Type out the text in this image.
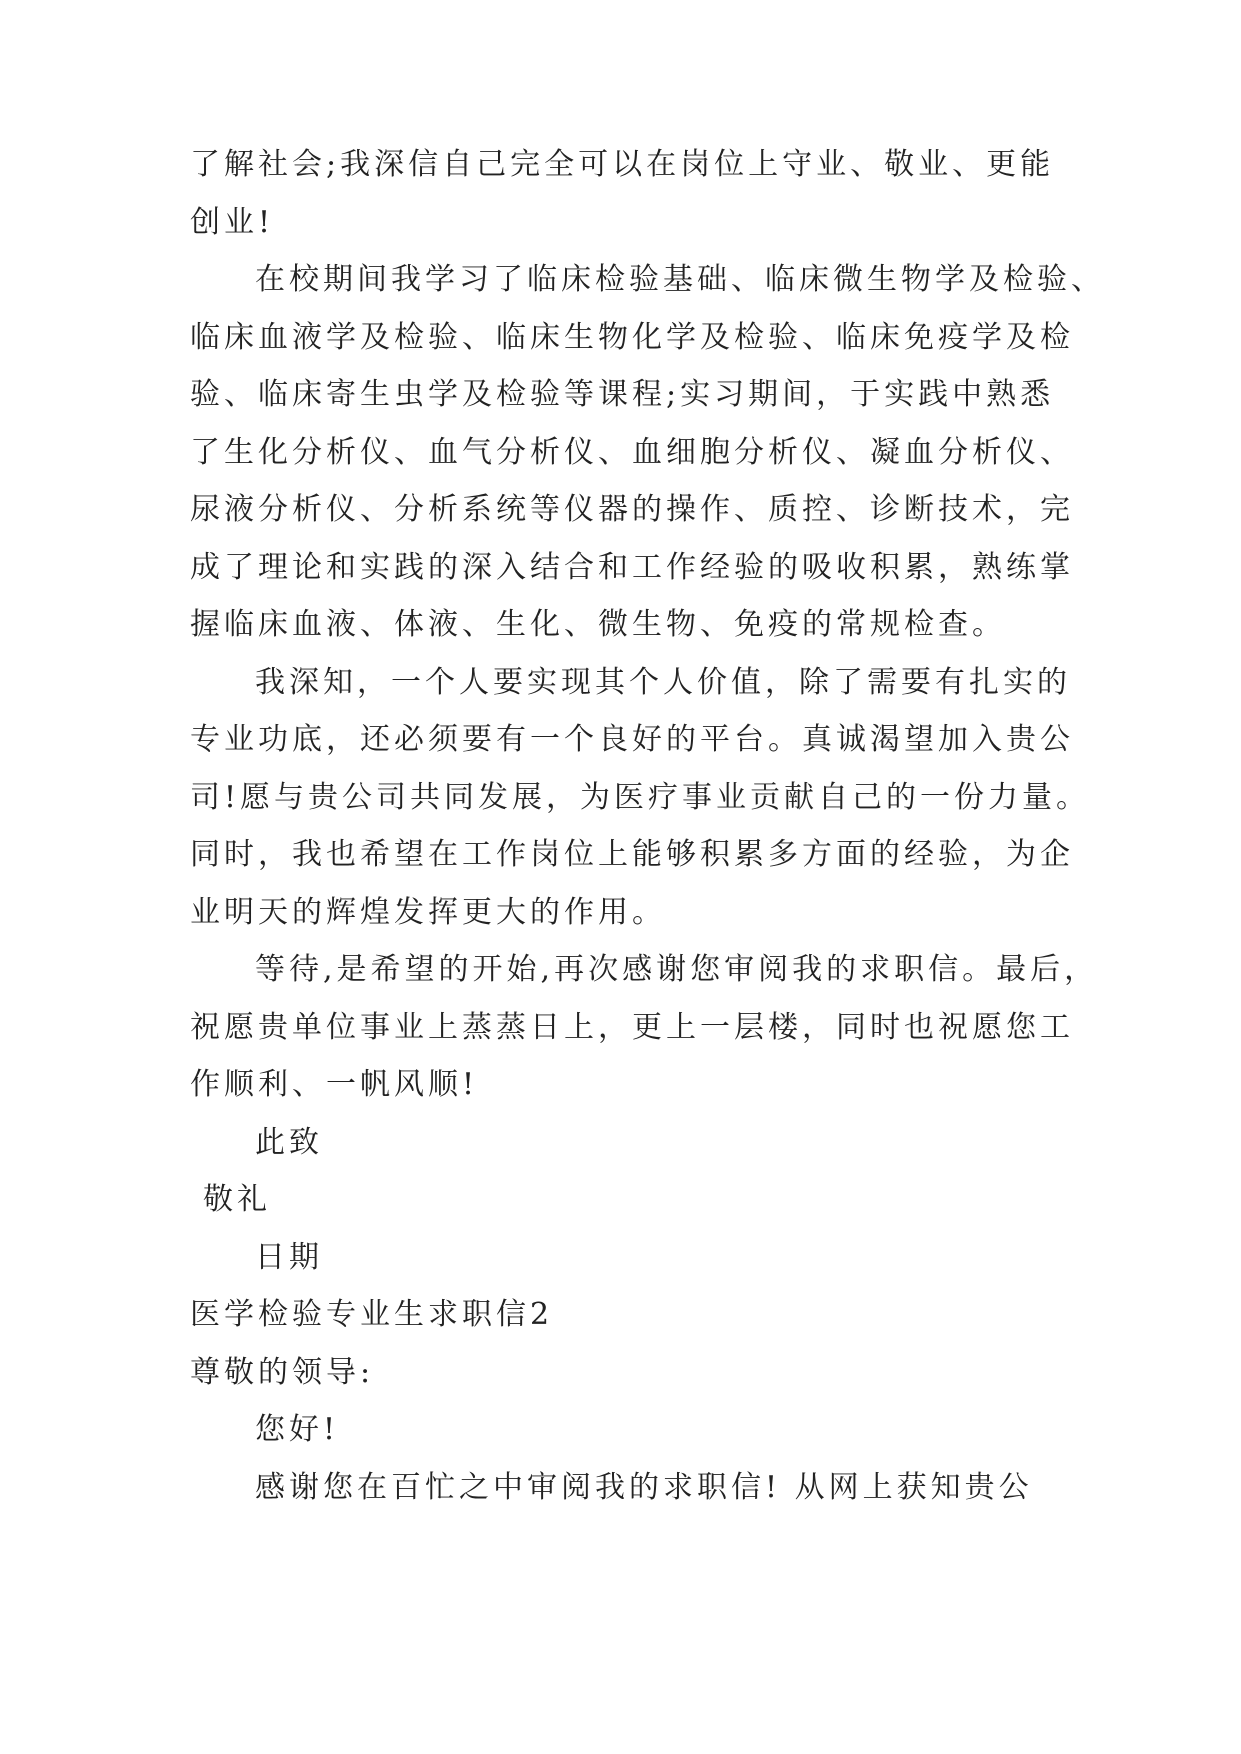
了解社会;我深信自己完全可以在岗位上守业、敬业、更能
创业!
在校期间我学习了临床检验基础、临床微生物学及检验、
临床血液学及检验、临床生物化学及检验、临床免疫学及检
验、临床寄生虫学及检验等课程;实习期间，于实践中熟悉
了生化分析仪、血气分析仪、血细胞分析仪、凝血分析仪、
尿液分析仪、分析系统等仪器的操作、质控、诊断技术，完
成了理论和实践的深入结合和工作经验的吸收积累，熟练掌
握临床血液、体液、生化、微生物、免疫的常规检查。
我深知，一个人要实现其个人价值，除了需要有扎实的
专业功底，还必须要有一个良好的平台。真诚渴望加入贵公
司!愿与贵公司共同发展，为医疗事业贡献自己的一份力量。
同时，我也希望在工作岗位上能够积累多方面的经验，为企
业明天的辉煌发挥更大的作用。
等待,是希望的开始,再次感谢您审阅我的求职信。最后，
祝愿贵单位事业上蒸蒸日上，更上一层楼，同时也祝愿您工
作顺利、一帆风顺!
此致
敬礼
日期
医学检验专业生求职信2
尊敬的领导:
您好!
感谢您在百忙之中审阅我的求职信! 从网上获知贵公
